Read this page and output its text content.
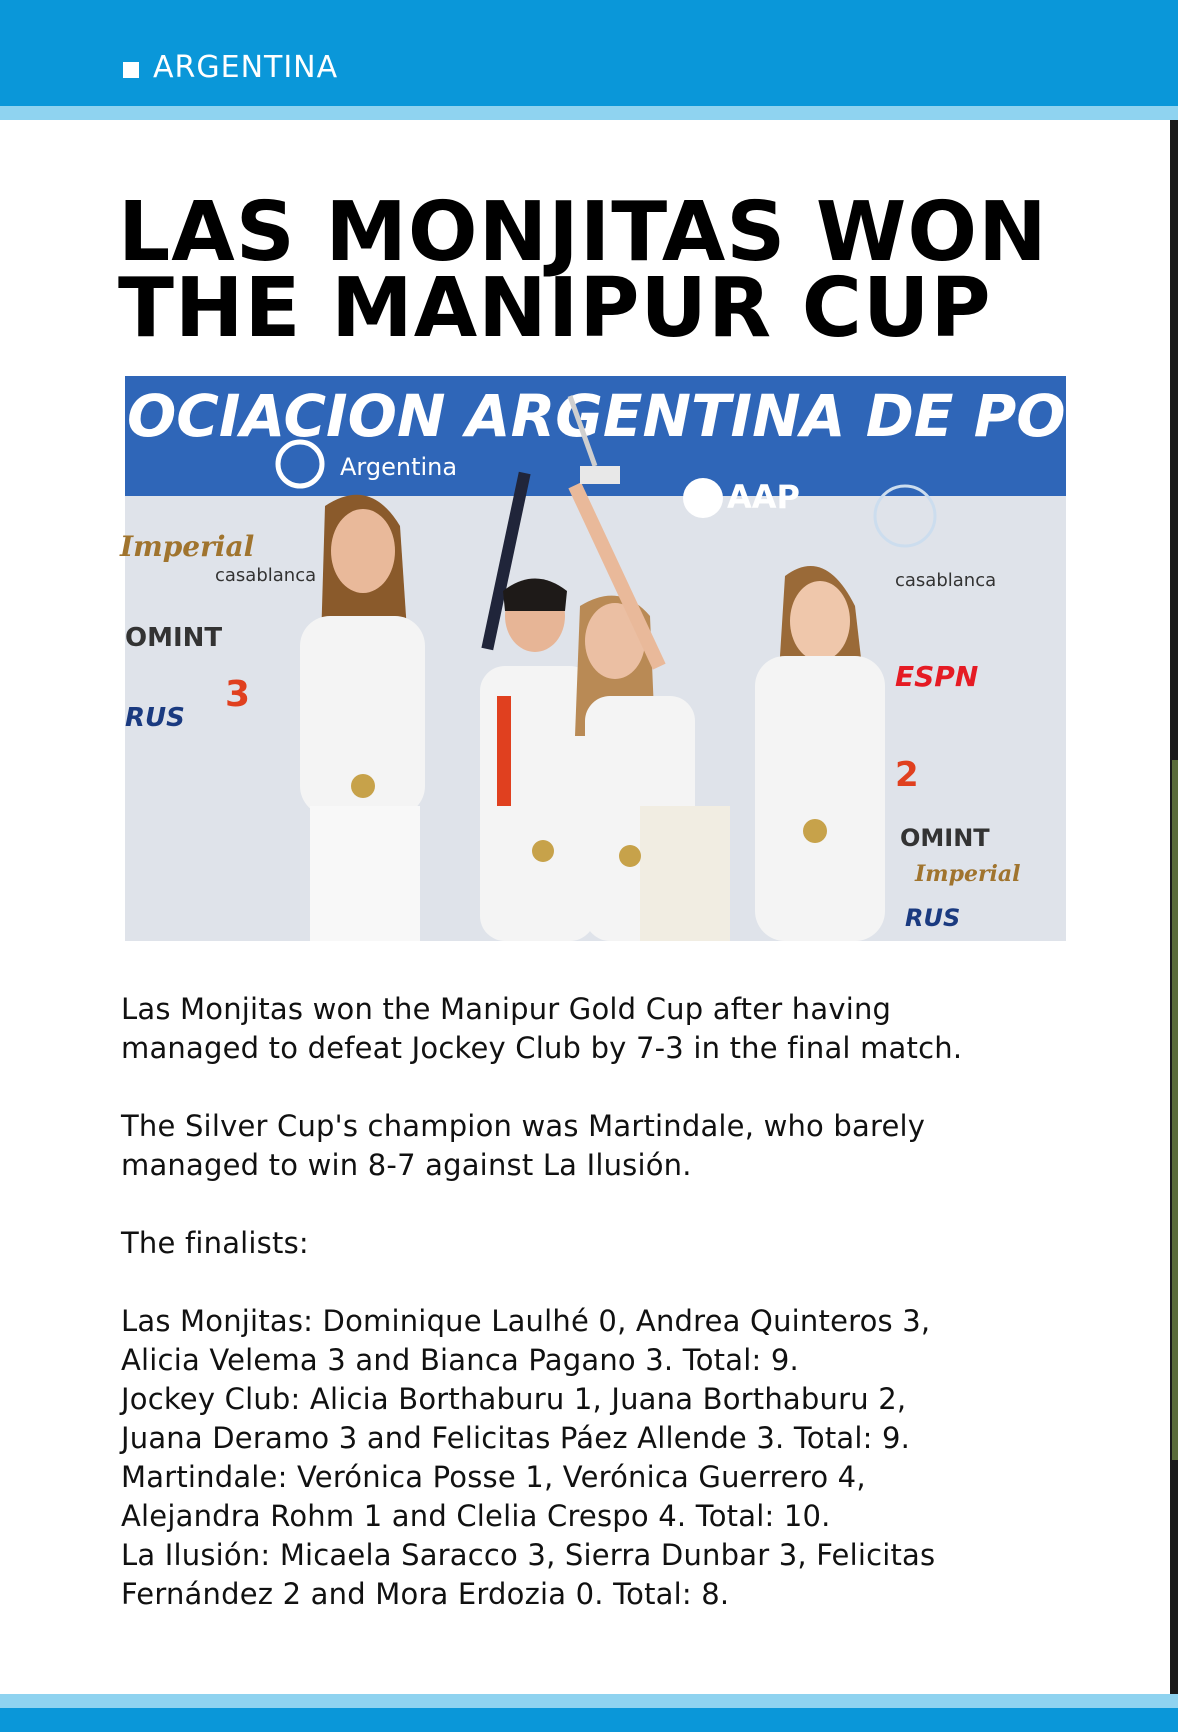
ARGENTINA
LAS MONJITAS WON
THE MANIPUR CUP
ASOCIACION ARGENTINA DE POLO
Argentina
AAP
Imperial
casablanca
OMINT
RUS
ESPN
OMINT
Imperial
RUS
casablanca
3
2

Las Monjitas won the Manipur Gold Cup after having

managed to defeat Jockey Club by 7-3 in the final match.

The Silver Cup's champion was Martindale, who barely

managed to win 8-7 against La Ilusión.

The finalists:

Las Monjitas: Dominique Laulhé 0, Andrea Quinteros 3,

Alicia Velema 3 and Bianca Pagano 3. Total: 9.

Jockey Club: Alicia Borthaburu 1, Juana Borthaburu 2,

Juana Deramo 3 and Felicitas Páez Allende 3. Total: 9.

Martindale: Verónica Posse 1, Verónica Guerrero 4,

Alejandra Rohm 1 and Clelia Crespo 4. Total: 10.

La Ilusión: Micaela Saracco 3, Sierra Dunbar 3, Felicitas

Fernández 2 and Mora Erdozia 0. Total: 8.
